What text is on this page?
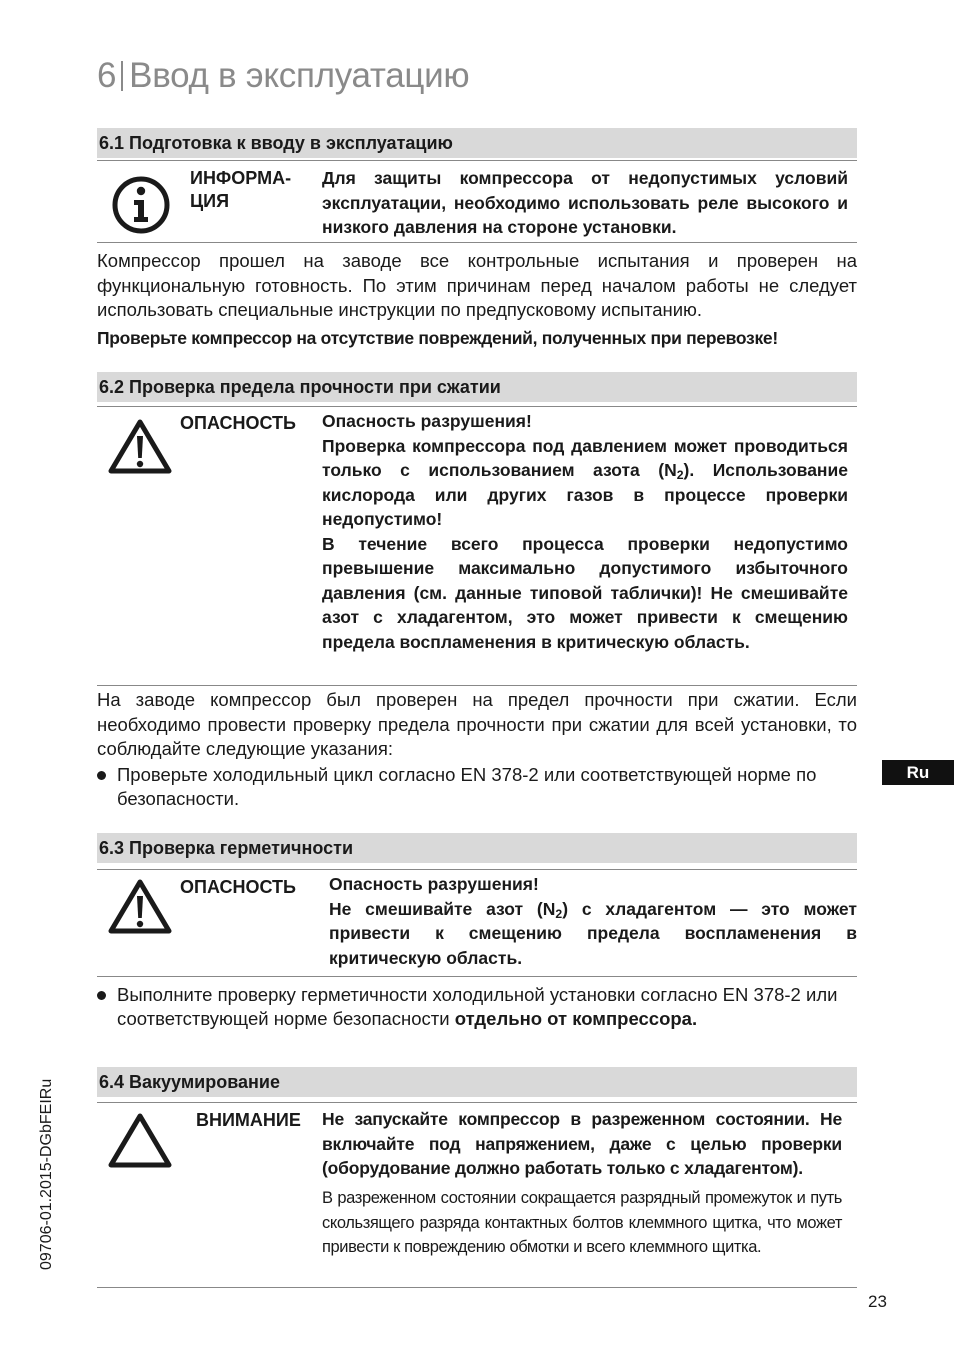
6 Ввод в эксплуатацию
6.1 Подготовка к вводу в эксплуатацию
ИНФОРМА-
ЦИЯ
Для защиты компрессора от недопустимых условий эксплуатации, необходимо использовать реле высокого и низкого давления на стороне установки.

Компрессор прошел на заводе все контрольные испытания и проверен на функциональную готовность. По этим причинам перед началом работы не следует использовать специальные инструкции по предпусковому испытанию.

Проверьте компрессор на отсутствие повреждений, полученных при перевозке!
6.2 Проверка предела прочности при сжатии
ОПАСНОСТЬ Опасность разрушения!

Проверка компрессора под давлением может проводиться только с использованием азота $(N_2)$. Использование кислорода или других газов в процессе проверки недопустимо!

В течение всего процесса проверки недопустимо превышение максимально допустимого избыточного давления (см. данные типовой таблички)! Не смешивайте азот с хладагентом, это может привести к смещению предела воспламенения в критическую область.

На заводе компрессор был проверен на предел прочности при сжатии. Если необходимо провести проверку предела прочности при сжатии для всей установки, то соблюдайте следующие указания:

Проверьте холодильный цикл согласно EN 378-2 или соответствующей норме по безопасности.
Ru
6.3 Проверка герметичности
ОПАСНОСТЬ Опасность разрушения!

Не смешивайте азот $(N_2)$ с хладагентом — это может привести к смещению предела воспламенения в критическую область.

Выполните проверку герметичности холодильной установки согласно EN 378-2 или соответствующей норме безопасности отдельно от компрессора.
6.4 Вакуумирование
ВНИМАНИЕ Не запускайте компрессор в разреженном состоянии. Не включайте под напряжением, даже с целью проверки (оборудование должно работать только с хладагентом).
В разреженном состоянии сокращается разрядный промежуток и путь скользящего разряда контактных болтов клеммного щитка, что может привести к повреждению обмотки и всего клеммного щитка.
09706-01.2015-DGbFEIRu
23
